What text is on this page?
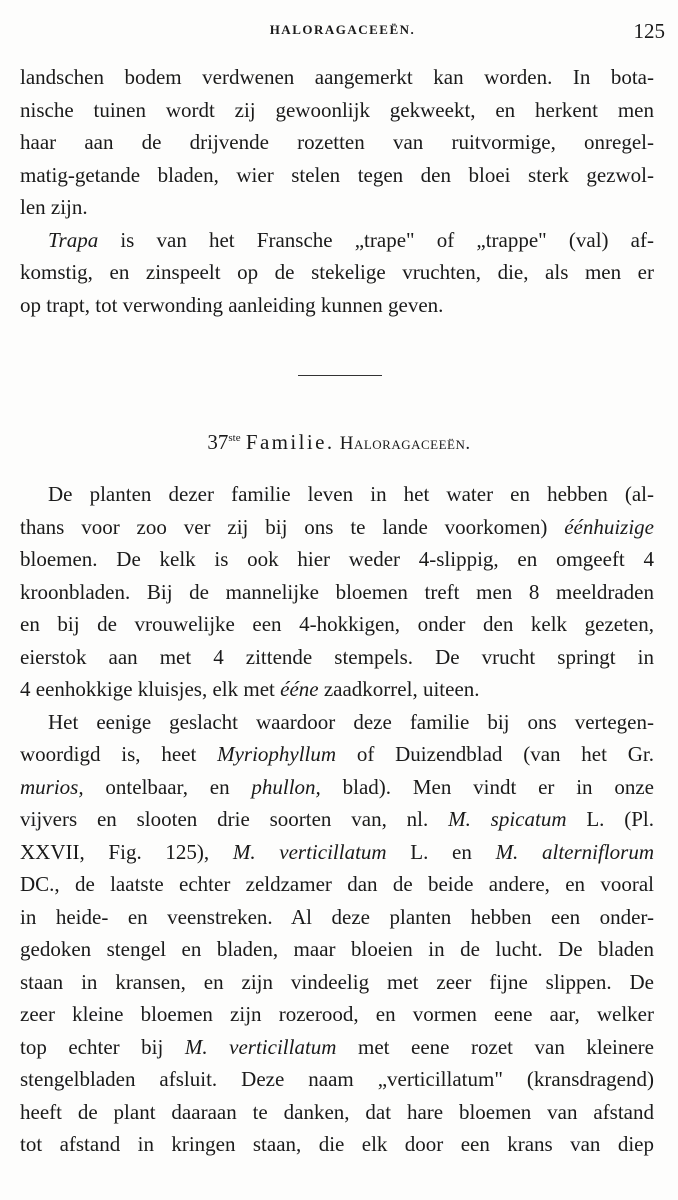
HALORAGACEEËN.	125
landschen bodem verdwenen aangemerkt kan worden. In bota-
nische tuinen wordt zij gewoonlijk gekweekt, en herkent men
haar aan de drijvende rozetten van ruitvormige, onregel-
matig-getande bladen, wier stelen tegen den bloei sterk gezwol-
len zijn.
Trapa is van het Fransche „trape" of „trappe" (val) af-
komstig, en zinspeelt op de stekelige vruchten, die, als men er
op trapt, tot verwonding aanleiding kunnen geven.
37ste Familie. Haloragaceeën.
De planten dezer familie leven in het water en hebben (al-
thans voor zoo ver zij bij ons te lande voorkomen) éénhuizige
bloemen. De kelk is ook hier weder 4-slippig, en omgeeft 4
kroonbladen. Bij de mannelijke bloemen treft men 8 meeldraden
en bij de vrouwelijke een 4-hokkigen, onder den kelk gezeten,
eierstok aan met 4 zittende stempels. De vrucht springt in
4 eenhokkige kluisjes, elk met ééne zaadkorrel, uiteen.
Het eenige geslacht waardoor deze familie bij ons vertegen-
woordigd is, heet Myriophyllum of Duizendblad (van het Gr.
murios, ontelbaar, en phullon, blad). Men vindt er in onze
vijvers en slooten drie soorten van, nl. M. spicatum L. (Pl.
XXVII, Fig. 125), M. verticillatum L. en M. alterniflorum
DC., de laatste echter zeldzamer dan de beide andere, en vooral
in heide- en veenstreken. Al deze planten hebben een onder-
gedoken stengel en bladen, maar bloeien in de lucht. De bladen
staan in kransen, en zijn vindeelig met zeer fijne slippen. De
zeer kleine bloemen zijn rozerood, en vormen eene aar, welker
top echter bij M. verticillatum met eene rozet van kleinere
stengelbladen afsluit. Deze naam „verticillatum" (kransdragend)
heeft de plant daaraan te danken, dat hare bloemen van afstand
tot afstand in kringen staan, die elk door een krans van diep
